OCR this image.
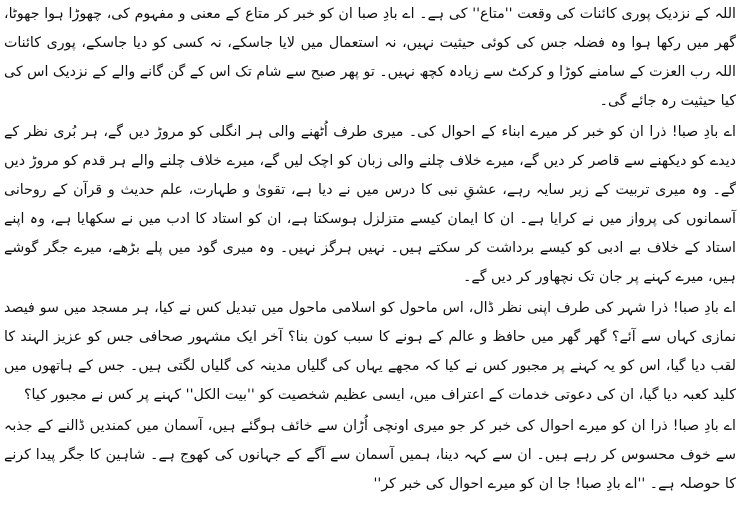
اللہ کے نزدیک پوری کائنات کی وقعت ''متاع'' کی ہے۔ اے بادِ صبا ان کو خبر کر متاع کے معنی و مفہوم کی، چھوڑا ہوا جھوٹا، گھر میں رکھا ہوا وہ فضلہ جس کی کوئی حیثیت نہیں، نہ استعمال میں لایا جاسکے، نہ کسی کو دیا جاسکے، پوری کائنات اللہ رب العزت کے سامنے کوڑا و کرکٹ سے زیادہ کچھ نہیں۔ تو پھر صبح سے شام تک اس کے گن گانے والے کے نزدیک اس کی کیا حیثیت رہ جائے گی۔

اے بادِ صبا! ذرا ان کو خبر کر میرے ابناء کے احوال کی۔ میری طرف اُٹھنے والی ہر انگلی کو مروڑ دیں گے، ہر بُری نظر کے دیدے کو دیکھنے سے قاصر کر دیں گے، میرے خلاف چلنے والی زبان کو اچک لیں گے، میرے خلاف چلنے والے ہر قدم کو مروڑ دیں گے۔ وہ میری تربیت کے زیر سایہ رہے، عشقِ نبی کا درس میں نے دیا ہے، تقویٰ و طہارت، علم حدیث و قرآن کے روحانی آسمانوں کی پرواز میں نے کرایا ہے۔ ان کا ایمان کیسے متزلزل ہوسکتا ہے، ان کو استاد کا ادب میں نے سکھایا ہے، وہ اپنے استاد کے خلاف بے ادبی کو کیسے برداشت کر سکتے ہیں۔ نہیں ہرگز نہیں۔ وہ میری گود میں پلے بڑھے، میرے جگر گوشے ہیں، میرے کہنے پر جان تک نچھاور کر دیں گے۔

اے بادِ صبا! ذرا شہر کی طرف اپنی نظر ڈال، اس ماحول کو اسلامی ماحول میں تبدیل کس نے کیا، ہر مسجد میں سو فیصد نمازی کہاں سے آئے؟ گھر گھر میں حافظ و عالم کے ہونے کا سبب کون بنا؟ آخر ایک مشہور صحافی جس کو عزیز الہند کا لقب دیا گیا، اس کو یہ کہنے پر مجبور کس نے کیا کہ مجھے یہاں کی گلیاں مدینہ کی گلیاں لگتی ہیں۔ جس کے ہاتھوں میں کلید کعبہ دیا گیا، ان کی دعوتی خدمات کے اعتراف میں، ایسی عظیم شخصیت کو ''بیت الکل'' کہنے پر کس نے مجبور کیا؟

اے بادِ صبا! ذرا ان کو میرے احوال کی خبر کر جو میری اونچی اُڑان سے خائف ہوگئے ہیں، آسمان میں کمندیں ڈالنے کے جذبہ سے خوف محسوس کر رہے ہیں۔ ان سے کہہ دینا، ہمیں آسمان سے آگے کے جہانوں کی کھوج ہے۔ شاہین کا جگر پیدا کرنے کا حوصلہ ہے۔ ''اے بادِ صبا! جا ان کو میرے احوال کی خبر کر''
